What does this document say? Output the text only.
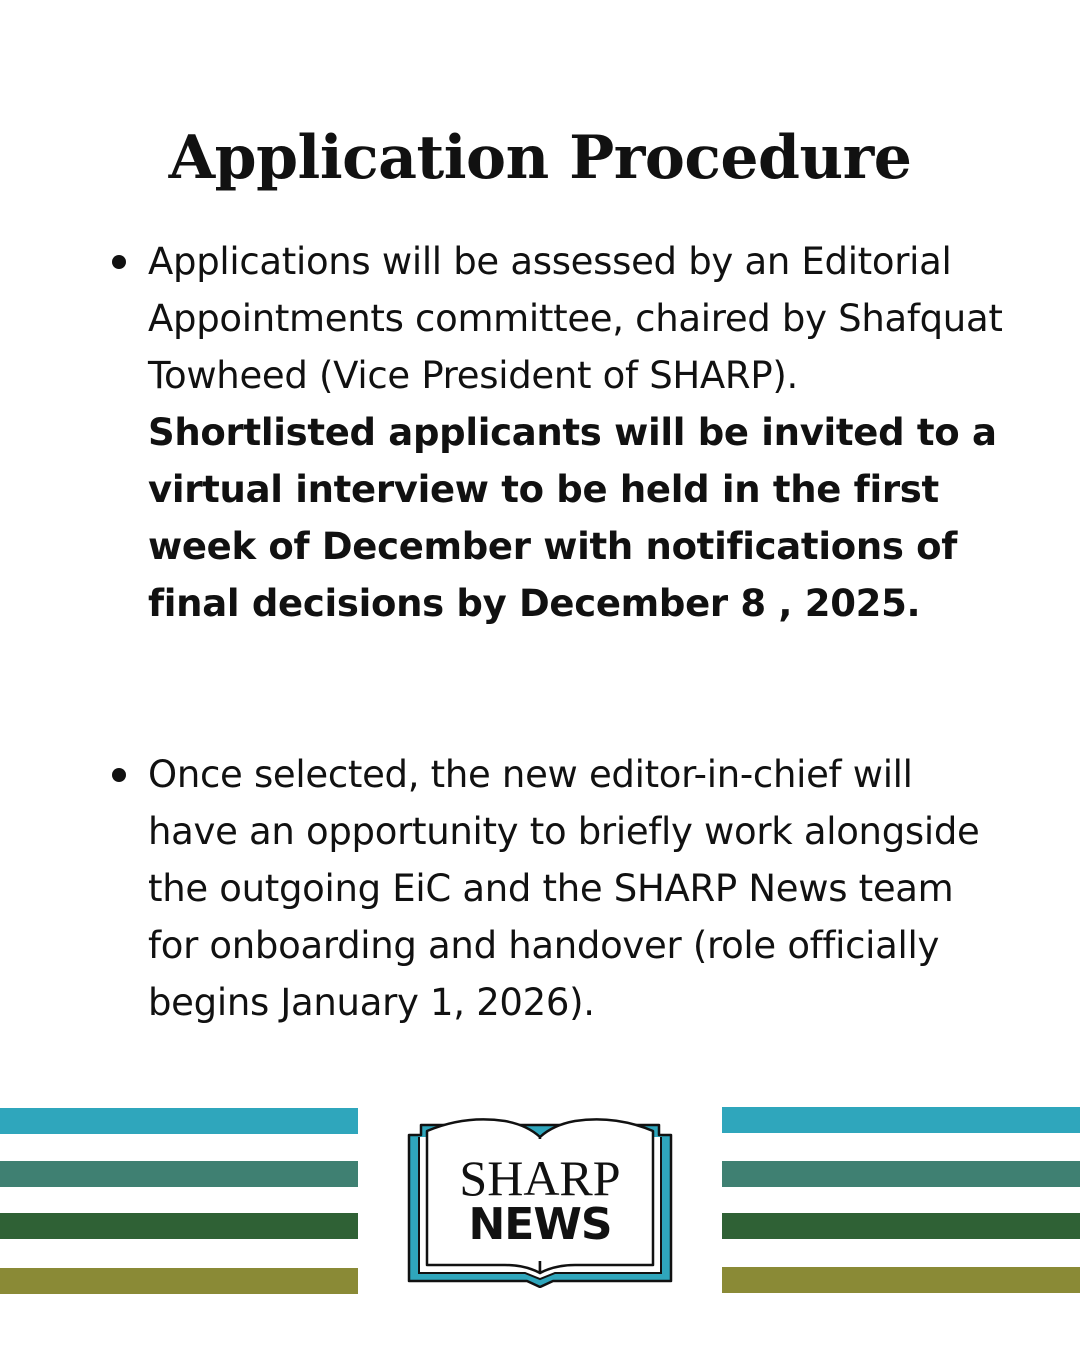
Application Procedure
Applications will be assessed by an Editorial Appointments committee, chaired by Shafquat Towheed (Vice President of SHARP). Shortlisted applicants will be invited to a virtual interview to be held in the first week of December with notifications of final decisions by December 8 , 2025.
Once selected, the new editor-in-chief will have an opportunity to briefly work alongside the outgoing EiC and the SHARP News team for onboarding and handover (role officially begins January 1, 2026).
SHARP
NEWS
